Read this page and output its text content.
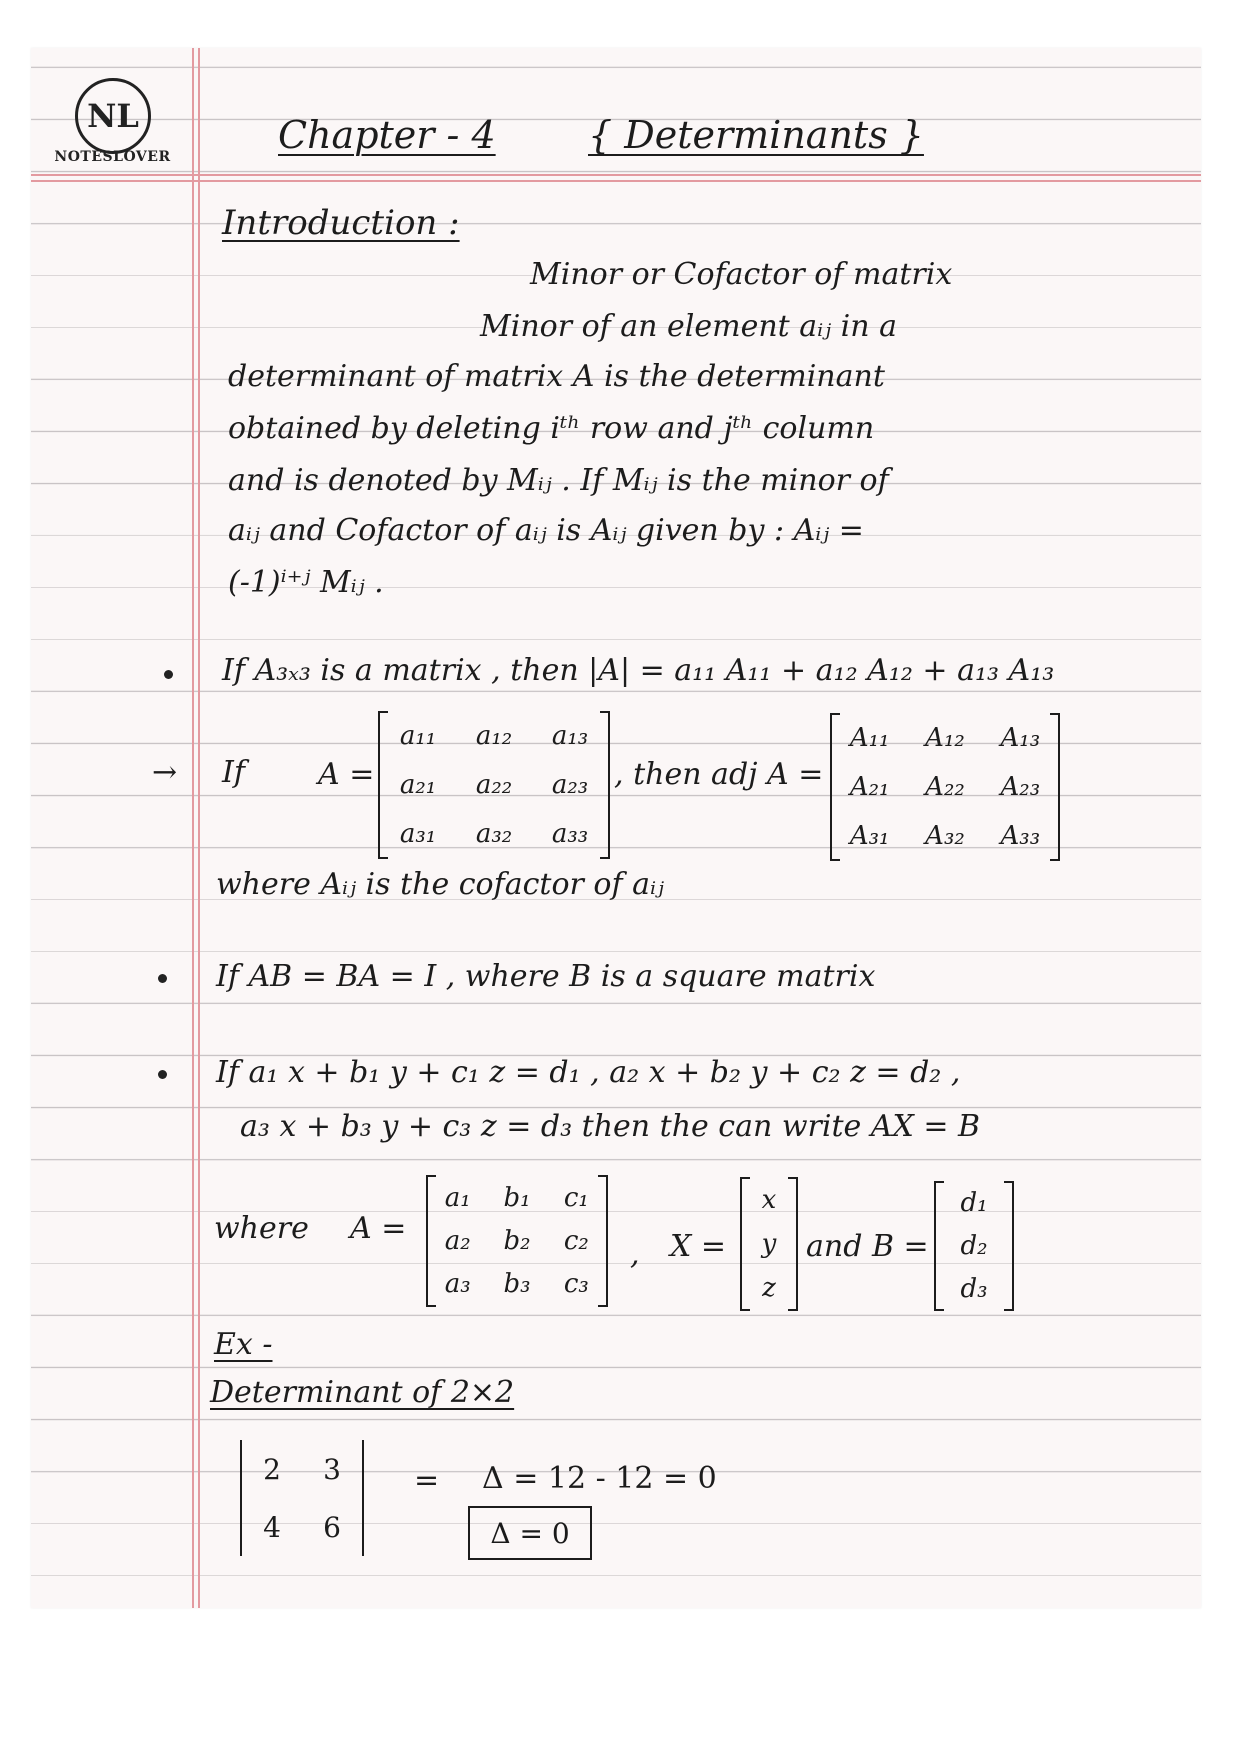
NL
NOTESLOVER	Chapter - 4 { Determinants }
Introduction :
Minor or Cofactor of matrix
Minor of an element aᵢⱼ in a
determinant of matrix A is the determinant
obtained by deleting iᵗʰ row and jᵗʰ column
and is denoted by Mᵢⱼ . If Mᵢⱼ is the minor of
aᵢⱼ and Cofactor of aᵢⱼ is Aᵢⱼ given by : Aᵢⱼ =
(-1)ⁱ⁺ʲ Mᵢⱼ .
If A₃ₓ₃ is a matrix , then |A| = a₁₁ A₁₁ + a₁₂ A₁₂ + a₁₃ A₁₃
→ If A =
a₁₁ a₁₂ a₁₃
a₂₁ a₂₂ a₂₃
a₃₁ a₃₂ a₃₃
, then adj A =
A₁₁ A₁₂ A₁₃
A₂₁ A₂₂ A₂₃
A₃₁ A₃₂ A₃₃
where Aᵢⱼ is the cofactor of aᵢⱼ
If AB = BA = I , where B is a square matrix
If a₁ x + b₁ y + c₁ z = d₁ , a₂ x + b₂ y + c₂ z = d₂ ,
a₃ x + b₃ y + c₃ z = d₃ then the can write AX = B
where A =
a₁ b₁ c₁
a₂ b₂ c₂
a₃ b₃ c₃
, X =
x
y
z
and B =
d₁
d₂
d₃
Ex -
Determinant of 2×2
2 3
4 6
= Δ = 12 - 12 = 0
Δ = 0
